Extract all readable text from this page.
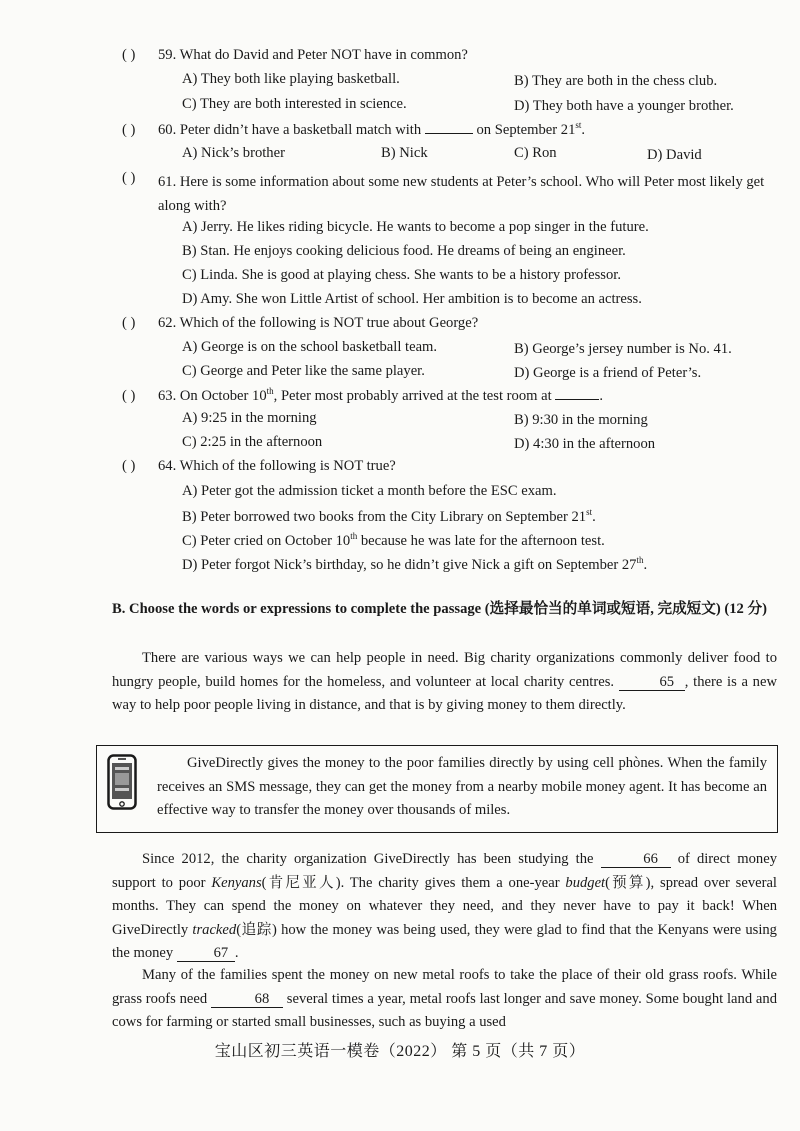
( ) 59. What do David and Peter NOT have in common?
A) They both like playing basketball.	B) They are both in the chess club.
C) They are both interested in science.	D) They both have a younger brother.
( ) 60. Peter didn’t have a basketball match with	on September 21st.
A) Nick’s brother	B) Nick	C) Ron	D) David
( )	61. Here is some information about some new students at Peter’s school. Who will Peter most likely get along with?
A) Jerry. He likes riding bicycle. He wants to become a pop singer in the future.
B) Stan. He enjoys cooking delicious food. He dreams of being an engineer.
C) Linda. She is good at playing chess. She wants to be a history professor.
D) Amy. She won Little Artist of school. Her ambition is to become an actress.
( ) 62. Which of the following is NOT true about George?
A) George is on the school basketball team.	B) George’s jersey number is No. 41.
C) George and Peter like the same player.	D) George is a friend of Peter’s.
( ) 63. On October 10th, Peter most probably arrived at the test room at	.
A) 9:25 in the morning	B) 9:30 in the morning
C) 2:25 in the afternoon	D) 4:30 in the afternoon
( ) 64. Which of the following is NOT true?
A) Peter got the admission ticket a month before the ESC exam.
B) Peter borrowed two books from the City Library on September 21st.
C) Peter cried on October 10th because he was late for the afternoon test.
D) Peter forgot Nick’s birthday, so he didn’t give Nick a gift on September 27th.
B. Choose the words or expressions to complete the passage (选择最恰当的单词或短语, 完成短文) (12 分)
There are various ways we can help people in need. Big charity organizations commonly deliver food to hungry people, build homes for the homeless, and volunteer at local charity centres.	65 , there is a new way to help poor people living in distance, and that is by giving money to them directly.
GiveDirectly gives the money to the poor families directly by using cell phònes. When the family receives an SMS message, they can get the money from a nearby mobile money agent. It has become an effective way to transfer the money over thousands of miles.
Since 2012, the charity organization GiveDirectly has been studying the	66 of direct money support to poor Kenyans(肯尼亚人). The charity gives them a one-year budget(预算), spread over several months. They can spend the money on whatever they need, and they never have to pay it back! When GiveDirectly tracked(追踪) how the money was being used, they were glad to find that the Kenyans were using the money	67 .
Many of the families spent the money on new metal roofs to take the place of their old grass roofs. While grass roofs need	68 several times a year, metal roofs last longer and save money. Some bought land and cows for farming or started small businesses, such as buying a used
宝山区初三英语一模卷（2022） 第 5 页（共 7 页）
